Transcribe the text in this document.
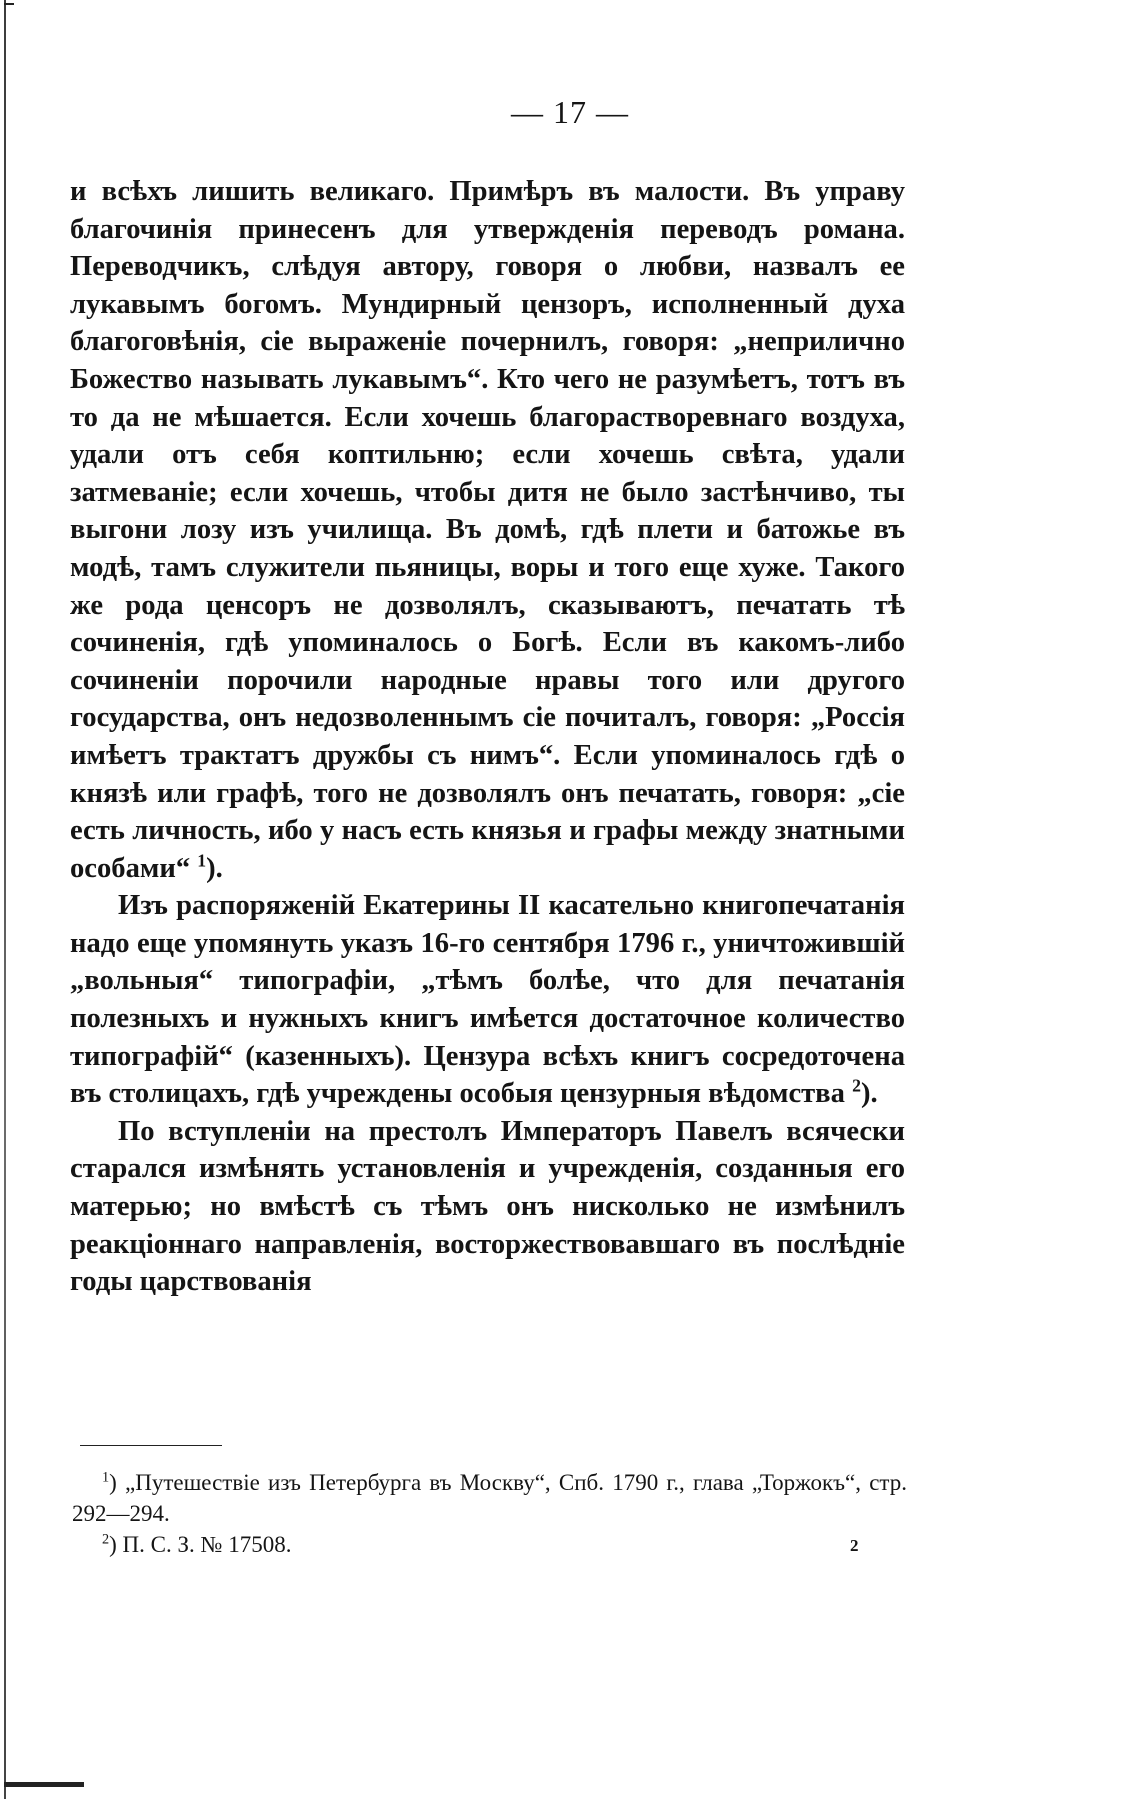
— 17 —

и всѣхъ лишить великаго. Примѣръ въ малости. Въ управу благочинія принесенъ для утвержденія переводъ романа. Переводчикъ, слѣдуя автору, говоря о любви, назвалъ ее лукавымъ богомъ. Мундирный цензоръ, исполненный духа благоговѣнія, сіе выраженіе почернилъ, говоря: „неприлично Божество называть лукавымъ“. Кто чего не разумѣетъ, тотъ въ то да не мѣшается. Если хочешь благорастворевнаго воздуха, удали отъ себя коптильню; если хочешь свѣта, удали затмеваніе; если хочешь, чтобы дитя не было застѣнчиво, ты выгони лозу изъ училища. Въ домѣ, гдѣ плети и батожье въ модѣ, тамъ служители пьяницы, воры и того еще хуже. Такого же рода ценсоръ не дозволялъ, сказываютъ, печатать тѣ сочиненія, гдѣ упоминалось о Богѣ. Если въ какомъ-либо сочиненіи порочили народные нравы того или другого государства, онъ недозволеннымъ сіе почиталъ, говоря: „Россія имѣетъ трактатъ дружбы съ нимъ“. Если упоминалось гдѣ о князѣ или графѣ, того не дозволялъ онъ печатать, говоря: „сіе есть личность, ибо у насъ есть князья и графы между знатными особами“ $^1$).

Изъ распоряженій Екатерины II касательно книгопечатанія надо еще упомянуть указъ 16-го сентября 1796 г., уничтожившій „вольныя“ типографіи, „тѣмъ болѣе, что для печатанія полезныхъ и нужныхъ книгъ имѣется достаточное количество типографій“ (казенныхъ). Цензура всѣхъ книгъ сосредоточена въ столицахъ, гдѣ учреждены особыя цензурныя вѣдомства $^2$).

По вступленіи на престолъ Императоръ Павелъ всячески старался измѣнять установленія и учрежденія, созданныя его матерью; но вмѣстѣ съ тѣмъ онъ нисколько не измѣнилъ реакціоннаго направленія, восторжествовавшаго въ послѣдніе годы царствованія

$^1$) „Путешествіе изъ Петербурга въ Москву“, Спб. 1790 г., глава „Торжокъ“, стр. 292—294.

$^2$) П. С. З. № 17508.	2
